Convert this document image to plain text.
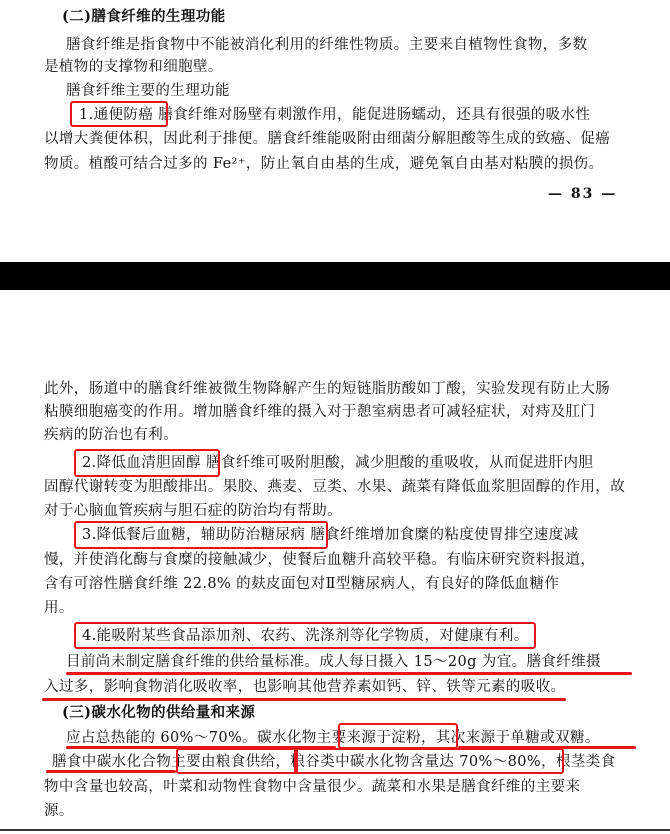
(二)膳食纤维的生理功能
膳食纤维是指食物中不能被消化利用的纤维性物质。主要来自植物性食物，多数
是植物的支撑物和细胞壁。
膳食纤维主要的生理功能
1.通便防癌 膳食纤维对肠壁有刺激作用，能促进肠蠕动，还具有很强的吸水性
以增大粪便体积，因此利于排便。膳食纤维能吸附由细菌分解胆酸等生成的致癌、促癌
物质。植酸可结合过多的 Fe²⁺，防止氧自由基的生成，避免氧自由基对粘膜的损伤。
— 83 —
此外，肠道中的膳食纤维被微生物降解产生的短链脂肪酸如丁酸，实验发现有防止大肠
粘膜细胞癌变的作用。增加膳食纤维的摄入对于憩室病患者可减轻症状，对痔及肛门
疾病的防治也有利。
2.降低血清胆固醇 膳食纤维可吸附胆酸，减少胆酸的重吸收，从而促进肝内胆
固醇代谢转变为胆酸排出。果胶、燕麦、豆类、水果、蔬菜有降低血浆胆固醇的作用，故
对于心脑血管疾病与胆石症的防治均有帮助。
3.降低餐后血糖，辅助防治糖尿病 膳食纤维增加食糜的粘度使胃排空速度减
慢，并使消化酶与食糜的接触减少，使餐后血糖升高较平稳。有临床研究资料报道，
含有可溶性膳食纤维 22.8% 的麸皮面包对Ⅱ型糖尿病人，有良好的降低血糖作
用。
4.能吸附某些食品添加剂、农药、洗涤剂等化学物质，对健康有利。
目前尚未制定膳食纤维的供给量标准。成人每日摄入 15～20g 为宜。膳食纤维摄
入过多，影响食物消化吸收率，也影响其他营养素如钙、锌、铁等元素的吸收。
(三)碳水化物的供给量和来源
应占总热能的 60%～70%。碳水化物主要来源于淀粉，其次来源于单糖或双糖。
膳食中碳水化合物主要由粮食供给，粮谷类中碳水化物含量达 70%～80%，根茎类食
物中含量也较高，叶菜和动物性食物中含量很少。蔬菜和水果是膳食纤维的主要来
源。
